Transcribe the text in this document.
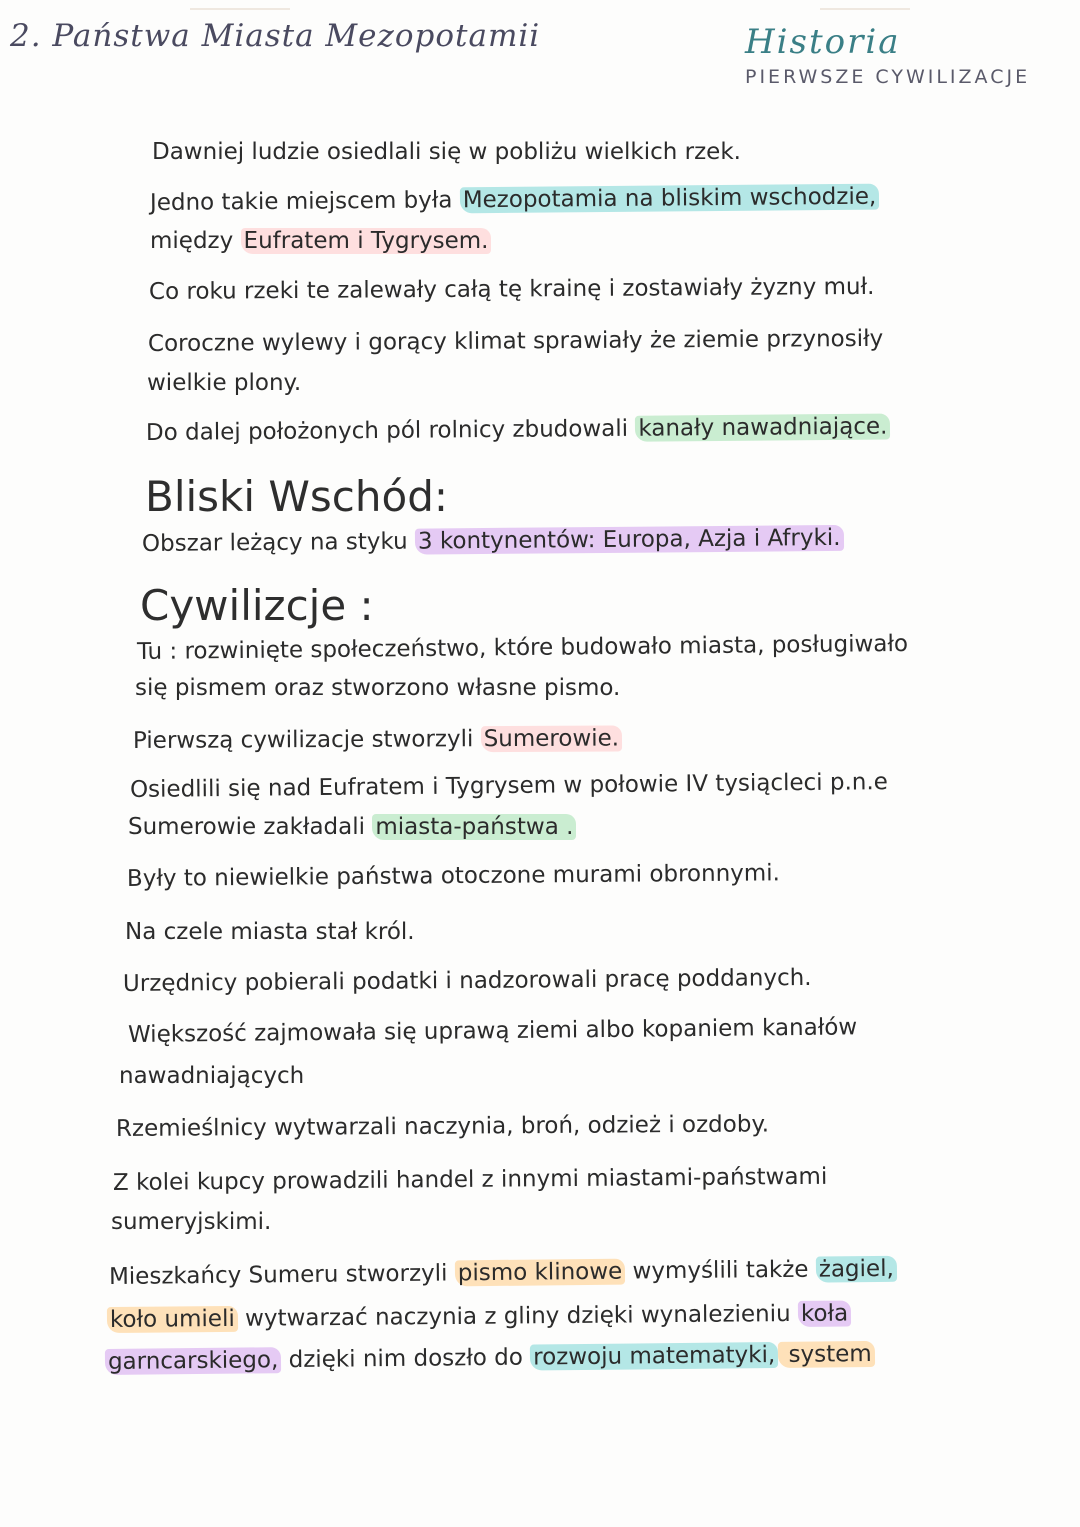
2. Państwa Miasta Mezopotamii	Historia
PIERWSZE CYWILIZACJE
Dawniej ludzie osiedlali się w pobliżu wielkich rzek.
Jedno takie miejscem była Mezopotamia na bliskim wschodzie,
między Eufratem i Tygrysem.
Co roku rzeki te zalewały całą tę krainę i zostawiały żyzny muł.
Coroczne wylewy i gorący klimat sprawiały że ziemie przynosiły
wielkie plony.
Do dalej położonych pól rolnicy zbudowali kanały nawadniające.
Bliski Wschód:
Obszar leżący na styku 3 kontynentów: Europa, Azja i Afryki.
Cywilizcje :
Tu : rozwinięte społeczeństwo, które budowało miasta, posługiwało
się pismem oraz stworzono własne pismo.
Pierwszą cywilizacje stworzyli Sumerowie.
Osiedlili się nad Eufratem i Tygrysem w połowie IV tysiącleci p.n.e
Sumerowie zakładali miasta-państwa .
Były to niewielkie państwa otoczone murami obronnymi.
Na czele miasta stał król.
Urzędnicy pobierali podatki i nadzorowali pracę poddanych.
Większość zajmowała się uprawą ziemi albo kopaniem kanałów
nawadniających
Rzemieślnicy wytwarzali naczynia, broń, odzież i ozdoby.
Z kolei kupcy prowadzili handel z innymi miastami-państwami
sumeryjskimi.
Mieszkańcy Sumeru stworzyli pismo klinowe wymyślili także żagiel,
koło umieli wytwarzać naczynia z gliny dzięki wynalezieniu koła
garncarskiego, dzięki nim doszło do rozwoju matematyki, system
